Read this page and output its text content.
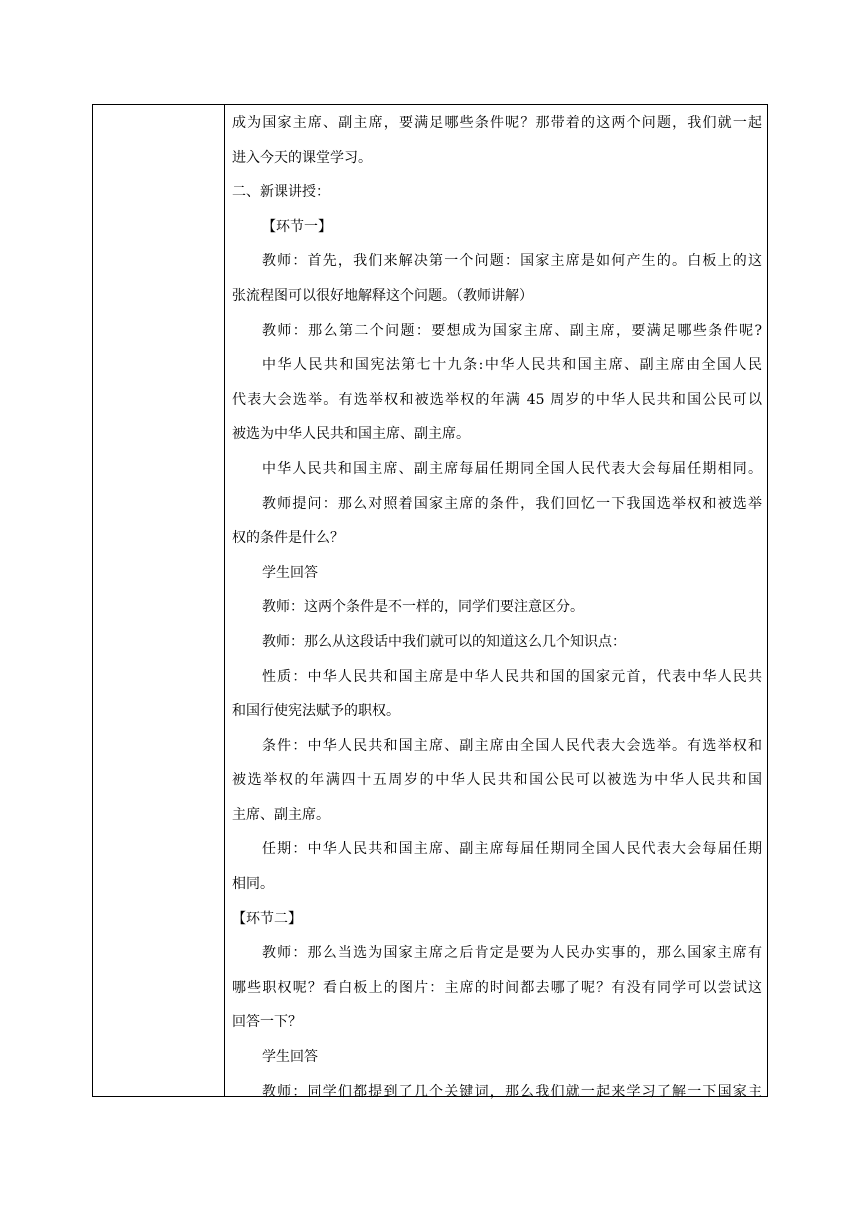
成为国家主席、副主席，要满足哪些条件呢？那带着的这两个问题，我们就一起

进入今天的课堂学习。

二、新课讲授：

【环节一】

教师：首先，我们来解决第一个问题：国家主席是如何产生的。白板上的这

张流程图可以很好地解释这个问题。（教师讲解）

教师：那么第二个问题：要想成为国家主席、副主席，要满足哪些条件呢?

中华人民共和国宪法第七十九条:中华人民共和国主席、副主席由全国人民

代表大会选举。有选举权和被选举权的年满 45 周岁的中华人民共和国公民可以

被选为中华人民共和国主席、副主席。

中华人民共和国主席、副主席每届任期同全国人民代表大会每届任期相同。

教师提问：那么对照着国家主席的条件，我们回忆一下我国选举权和被选举

权的条件是什么？

学生回答

教师：这两个条件是不一样的，同学们要注意区分。

教师：那么从这段话中我们就可以的知道这么几个知识点：

性质：中华人民共和国主席是中华人民共和国的国家元首，代表中华人民共

和国行使宪法赋予的职权。

条件：中华人民共和国主席、副主席由全国人民代表大会选举。有选举权和

被选举权的年满四十五周岁的中华人民共和国公民可以被选为中华人民共和国

主席、副主席。

任期：中华人民共和国主席、副主席每届任期同全国人民代表大会每届任期

相同。

【环节二】

教师：那么当选为国家主席之后肯定是要为人民办实事的，那么国家主席有

哪些职权呢？看白板上的图片：主席的时间都去哪了呢？有没有同学可以尝试这

回答一下？

学生回答

教师：同学们都提到了几个关键词，那么我们就一起来学习了解一下国家主
